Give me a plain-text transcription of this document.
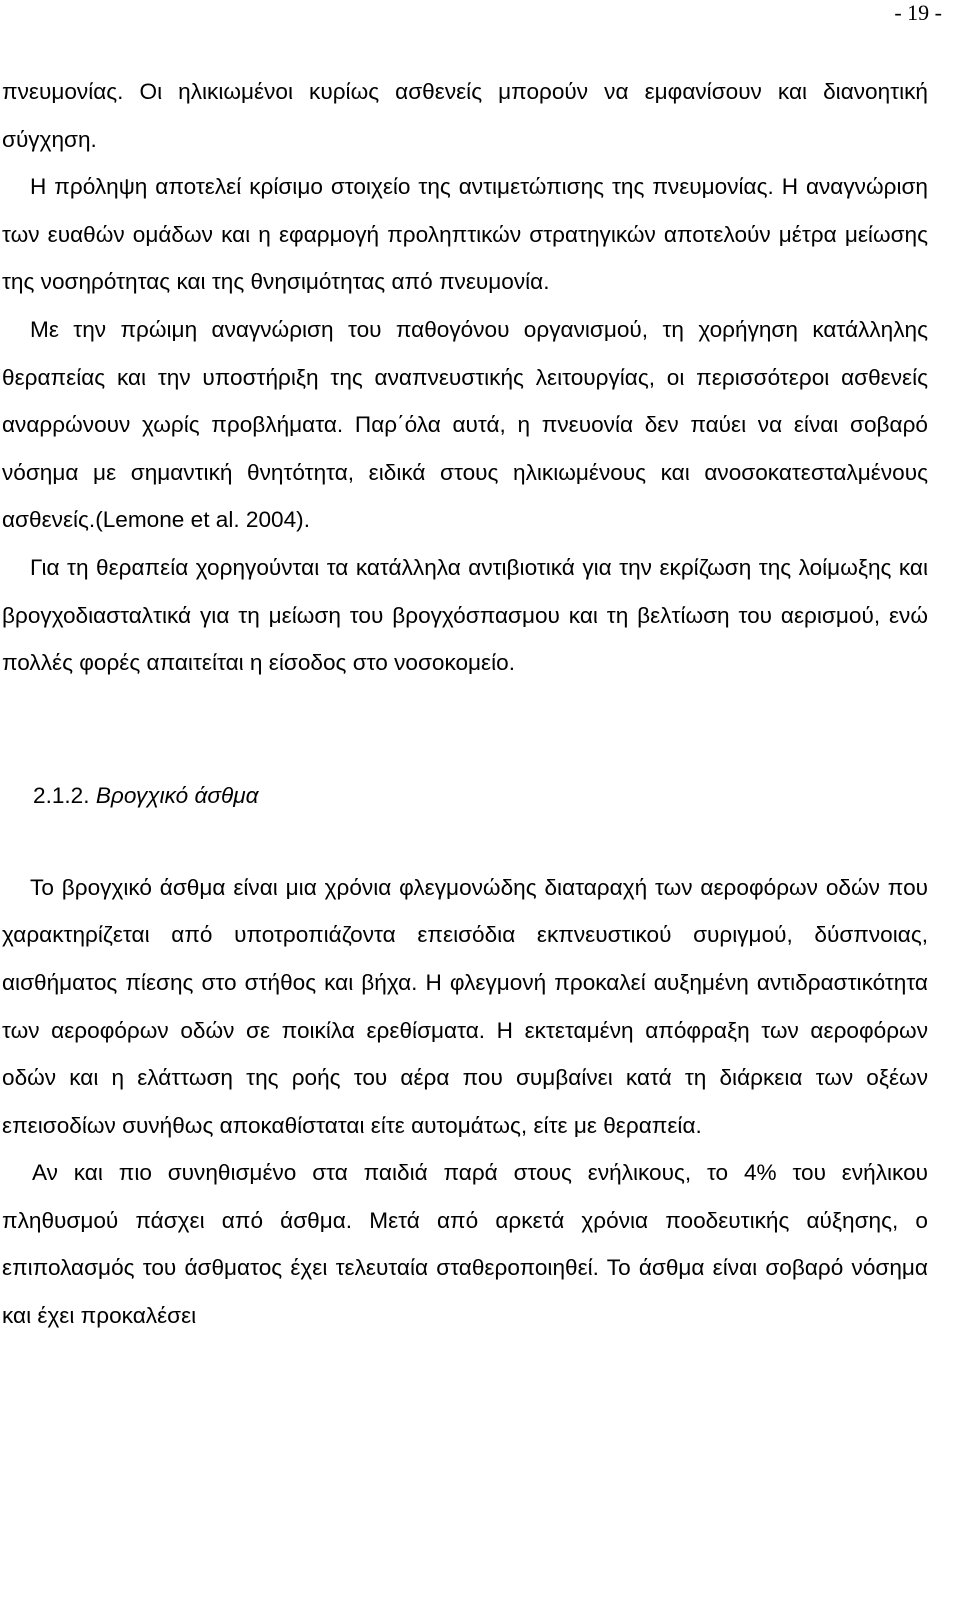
- 19 -

πνευμονίας. Οι ηλικιωμένοι κυρίως ασθενείς μπορούν να εμφανίσουν και διανοητική σύγχηση.

Η πρόληψη αποτελεί κρίσιμο στοιχείο της αντιμετώπισης της πνευμονίας. Η αναγνώριση των ευαθών ομάδων και η εφαρμογή προληπτικών στρατηγικών αποτελούν μέτρα μείωσης της νοσηρότητας και της θνησιμότητας από πνευμονία.

Με την πρώιμη αναγνώριση του παθογόνου οργανισμού, τη χορήγηση κατάλληλης θεραπείας και την υποστήριξη της αναπνευστικής λειτουργίας, οι περισσότεροι ασθενείς αναρρώνουν χωρίς προβλήματα. Παρ΄όλα αυτά, η πνευονία δεν παύει να είναι σοβαρό νόσημα με σημαντική θνητότητα, ειδικά στους ηλικιωμένους και ανοσοκατεσταλμένους ασθενείς.(Lemone et al. 2004).

Για τη θεραπεία χορηγούνται τα κατάλληλα αντιβιοτικά για την εκρίζωση της λοίμωξης και βρογχοδιασταλτικά για τη μείωση του βρογχόσπασμου και τη βελτίωση του αερισμού, ενώ πολλές φορές απαιτείται η είσοδος στο νοσοκομείο.

2.1.2. Βρογχικό άσθμα

Το βρογχικό άσθμα είναι μια χρόνια φλεγμονώδης διαταραχή των αεροφόρων οδών που χαρακτηρίζεται από υποτροπιάζοντα επεισόδια εκπνευστικού συριγμού, δύσπνοιας, αισθήματος πίεσης στο στήθος και βήχα. Η φλεγμονή προκαλεί αυξημένη αντιδραστικότητα των αεροφόρων οδών σε ποικίλα ερεθίσματα. Η εκτεταμένη απόφραξη των αεροφόρων οδών και η ελάττωση της ροής του αέρα που συμβαίνει κατά τη διάρκεια των οξέων επεισοδίων συνήθως αποκαθίσταται είτε αυτομάτως, είτε με θεραπεία.

Αν και πιο συνηθισμένο στα παιδιά παρά στους ενήλικους, το 4% του ενήλικου πληθυσμού πάσχει από άσθμα. Μετά από αρκετά χρόνια ποοδευτικής αύξησης, ο επιπολασμός του άσθματος έχει τελευταία σταθεροποιηθεί. Το άσθμα είναι σοβαρό νόσημα και έχει προκαλέσει
